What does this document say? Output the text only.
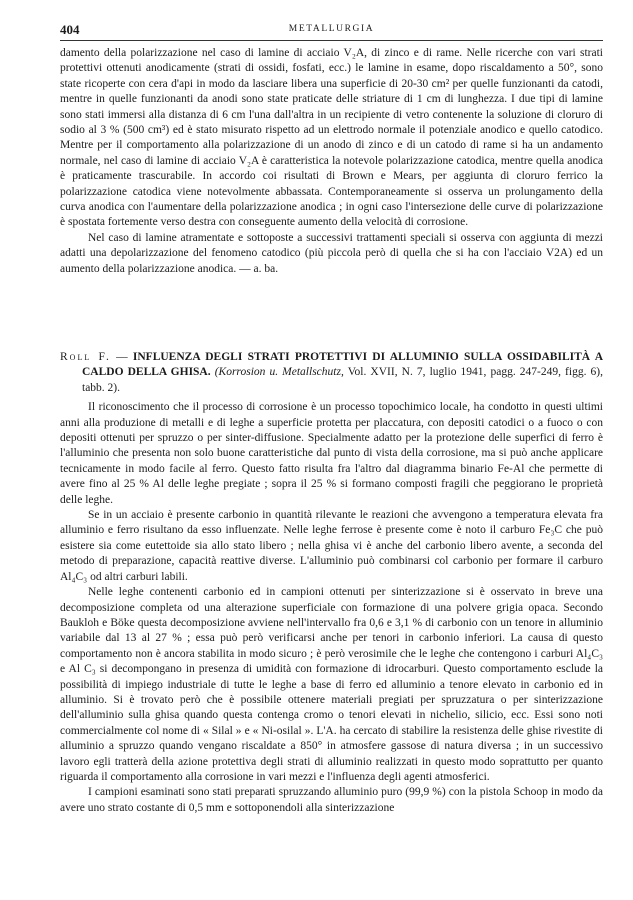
404	METALLURGIA

damento della polarizzazione nel caso di lamine di acciaio V₂A, di zinco e di rame. Nelle ricerche con vari strati protettivi ottenuti anodicamente (strati di ossidi, fosfati, ecc.) le lamine in esame, dopo riscaldamento a 50°, sono state ricoperte con cera d'api in modo da lasciare libera una superficie di 20-30 cm² per quelle funzionanti da catodi, mentre in quelle funzionanti da anodi sono state praticate delle striature di 1 cm di lunghezza. I due tipi di lamine sono stati immersi alla distanza di 6 cm l'una dall'altra in un recipiente di vetro contenente la soluzione di cloruro di sodio al 3 % (500 cm³) ed è stato misurato rispetto ad un elettrodo normale il potenziale anodico e quello catodico. Mentre per il comportamento alla polarizzazione di un anodo di zinco e di un catodo di rame si ha un andamento normale, nel caso di lamine di acciaio V₂A è caratteristica la notevole polarizzazione catodica, mentre quella anodica è praticamente trascurabile. In accordo coi risultati di Brown e Mears, per aggiunta di cloruro ferrico la polarizzazione catodica viene notevolmente abbassata. Contemporaneamente si osserva un prolungamento della curva anodica con l'aumentare della polarizzazione anodica ; in ogni caso l'intersezione delle curve di polarizzazione è spostata fortemente verso destra con conseguente aumento della velocità di corrosione.

Nel caso di lamine atramentate e sottoposte a successivi trattamenti speciali si osserva con aggiunta di mezzi adatti una depolarizzazione del fenomeno catodico (più piccola però di quella che si ha con l'acciaio V2A) ed un aumento della polarizzazione anodica. — a. ba.

Roll F. — INFLUENZA DEGLI STRATI PROTETTIVI DI ALLUMINIO SULLA OSSIDABILITÀ A CALDO DELLA GHISA. (Korrosion u. Metallschutz, Vol. XVII, N. 7, luglio 1941, pagg. 247-249, figg. 6), tabb. 2).

Il riconoscimento che il processo di corrosione è un processo topochimico locale, ha condotto in questi ultimi anni alla produzione di metalli e di leghe a superficie protetta per placcatura, con depositi catodici o a fuoco o con depositi ottenuti per spruzzo o per sinter-diffusione. Specialmente adatto per la protezione delle superfici di ferro è l'alluminio che presenta non solo buone caratteristiche dal punto di vista della corrosione, ma si può anche applicare tecnicamente in modo facile al ferro. Questo fatto risulta fra l'altro dal diagramma binario Fe-Al che permette di avere fino al 25 % Al delle leghe pregiate ; sopra il 25 % si formano composti fragili che peggiorano le proprietà delle leghe.

Se in un acciaio è presente carbonio in quantità rilevante le reazioni che avvengono a temperatura elevata fra alluminio e ferro risultano da esso influenzate. Nelle leghe ferrose è presente come è noto il carburo Fe₃C che può esistere sia come eutettoide sia allo stato libero ; nella ghisa vi è anche del carbonio libero avente, a seconda del metodo di preparazione, capacità reattive diverse. L'alluminio può combinarsi col carbonio per formare il carburo Al₄C₃ od altri carburi labili.

Nelle leghe contenenti carbonio ed in campioni ottenuti per sinterizzazione si è osservato in breve una decomposizione completa od una alterazione superficiale con formazione di una polvere grigia opaca. Secondo Baukloh e Böke questa decomposizione avviene nell'intervallo fra 0,6 e 3,1 % di carbonio con un tenore in alluminio variabile dal 13 al 27 % ; essa può però verificarsi anche per tenori in carbonio inferiori. La causa di questo comportamento non è ancora stabilita in modo sicuro ; è però verosimile che le leghe che contengono i carburi Al₄C₃ e Al C₃ si decompongano in presenza di umidità con formazione di idrocarburi. Questo comportamento esclude la possibilità di impiego industriale di tutte le leghe a base di ferro ed alluminio a tenore elevato in carbonio ed in alluminio. Si è trovato però che è possibile ottenere materiali pregiati per spruzzatura o per sinterizzazione dell'alluminio sulla ghisa quando questa contenga cromo o tenori elevati in nichelio, silicio, ecc. Essi sono noti commercialmente col nome di « Silal » e « Ni-osilal ». L'A. ha cercato di stabilire la resistenza delle ghise rivestite di alluminio a spruzzo quando vengano riscaldate a 850° in atmosfere gassose di natura diversa ; in un successivo lavoro egli tratterà della azione protettiva degli strati di alluminio realizzati in questo modo soprattutto per quanto riguarda il comportamento alla corrosione in vari mezzi e l'influenza degli agenti atmosferici.

I campioni esaminati sono stati preparati spruzzando alluminio puro (99,9 %) con la pistola Schoop in modo da avere uno strato costante di 0,5 mm e sottoponendoli alla sinterizzazione
